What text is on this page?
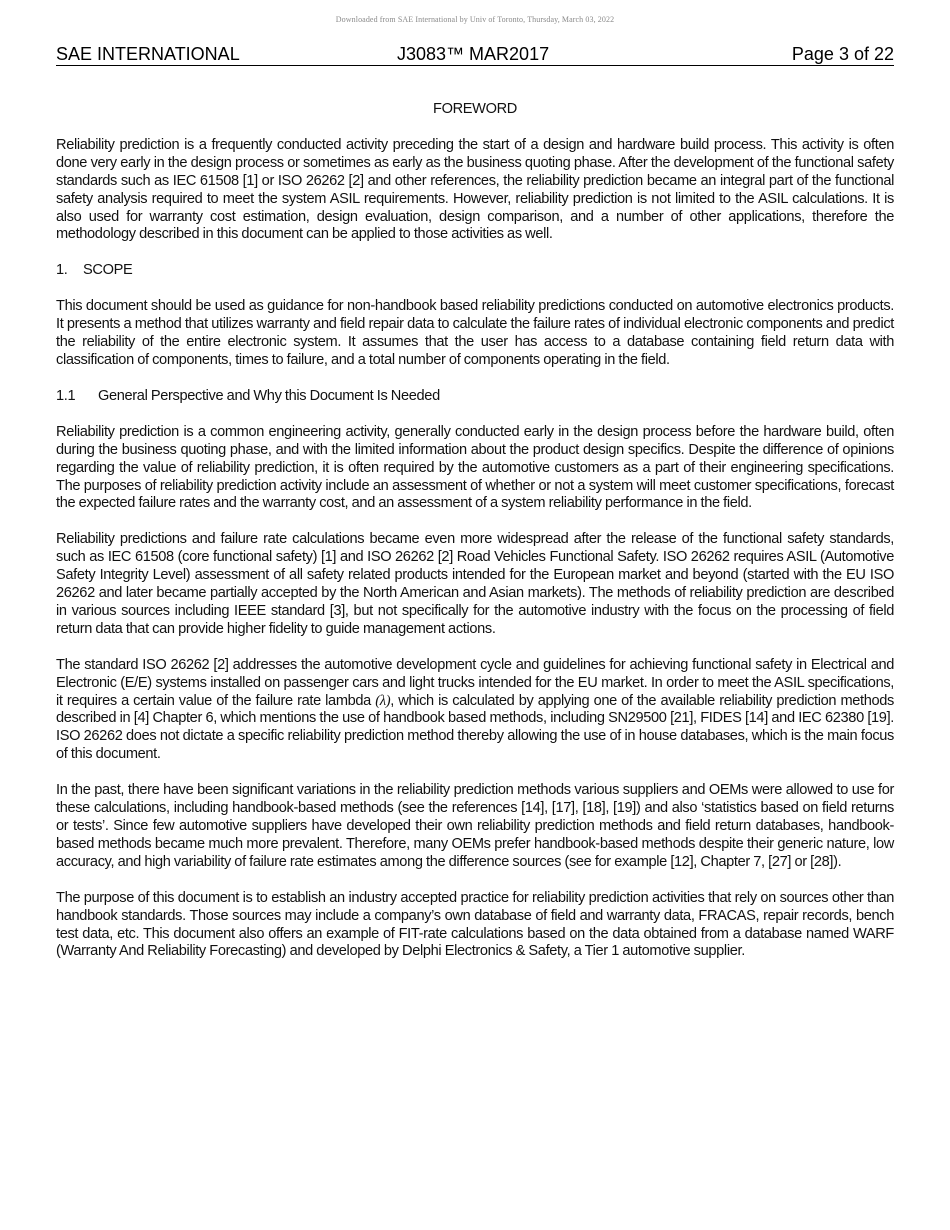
Downloaded from SAE International by Univ of Toronto, Thursday, March 03, 2022
SAE INTERNATIONAL	J3083™ MAR2017	Page 3 of 22
FOREWORD

Reliability prediction is a frequently conducted activity preceding the start of a design and hardware build process. This activity is often done very early in the design process or sometimes as early as the business quoting phase. After the development of the functional safety standards such as IEC 61508 [1] or ISO 26262 [2] and other references, the reliability prediction became an integral part of the functional safety analysis required to meet the system ASIL requirements. However, reliability prediction is not limited to the ASIL calculations. It is also used for warranty cost estimation, design evaluation, design comparison, and a number of other applications, therefore the methodology described in this document can be applied to those activities as well.

1. SCOPE

This document should be used as guidance for non-handbook based reliability predictions conducted on automotive electronics products. It presents a method that utilizes warranty and field repair data to calculate the failure rates of individual electronic components and predict the reliability of the entire electronic system. It assumes that the user has access to a database containing field return data with classification of components, times to failure, and a total number of components operating in the field.

1.1 General Perspective and Why this Document Is Needed

Reliability prediction is a common engineering activity, generally conducted early in the design process before the hardware build, often during the business quoting phase, and with the limited information about the product design specifics. Despite the difference of opinions regarding the value of reliability prediction, it is often required by the automotive customers as a part of their engineering specifications. The purposes of reliability prediction activity include an assessment of whether or not a system will meet customer specifications, forecast the expected failure rates and the warranty cost, and an assessment of a system reliability performance in the field.

Reliability predictions and failure rate calculations became even more widespread after the release of the functional safety standards, such as IEC 61508 (core functional safety) [1] and ISO 26262 [2] Road Vehicles Functional Safety. ISO 26262 requires ASIL (Automotive Safety Integrity Level) assessment of all safety related products intended for the European market and beyond (started with the EU ISO 26262 and later became partially accepted by the North American and Asian markets). The methods of reliability prediction are described in various sources including IEEE standard [3], but not specifically for the automotive industry with the focus on the processing of field return data that can provide higher fidelity to guide management actions.

The standard ISO 26262 [2] addresses the automotive development cycle and guidelines for achieving functional safety in Electrical and Electronic (E/E) systems installed on passenger cars and light trucks intended for the EU market. In order to meet the ASIL specifications, it requires a certain value of the failure rate lambda (λ), which is calculated by applying one of the available reliability prediction methods described in [4] Chapter 6, which mentions the use of handbook based methods, including SN29500 [21], FIDES [14] and IEC 62380 [19]. ISO 26262 does not dictate a specific reliability prediction method thereby allowing the use of in house databases, which is the main focus of this document.

In the past, there have been significant variations in the reliability prediction methods various suppliers and OEMs were allowed to use for these calculations, including handbook-based methods (see the references [14], [17], [18], [19]) and also ‘statistics based on field returns or tests’. Since few automotive suppliers have developed their own reliability prediction methods and field return databases, handbook-based methods became much more prevalent. Therefore, many OEMs prefer handbook-based methods despite their generic nature, low accuracy, and high variability of failure rate estimates among the difference sources (see for example [12], Chapter 7, [27] or [28]).

The purpose of this document is to establish an industry accepted practice for reliability prediction activities that rely on sources other than handbook standards. Those sources may include a company’s own database of field and warranty data, FRACAS, repair records, bench test data, etc. This document also offers an example of FIT-rate calculations based on the data obtained from a database named WARF (Warranty And Reliability Forecasting) and developed by Delphi Electronics & Safety, a Tier 1 automotive supplier.
